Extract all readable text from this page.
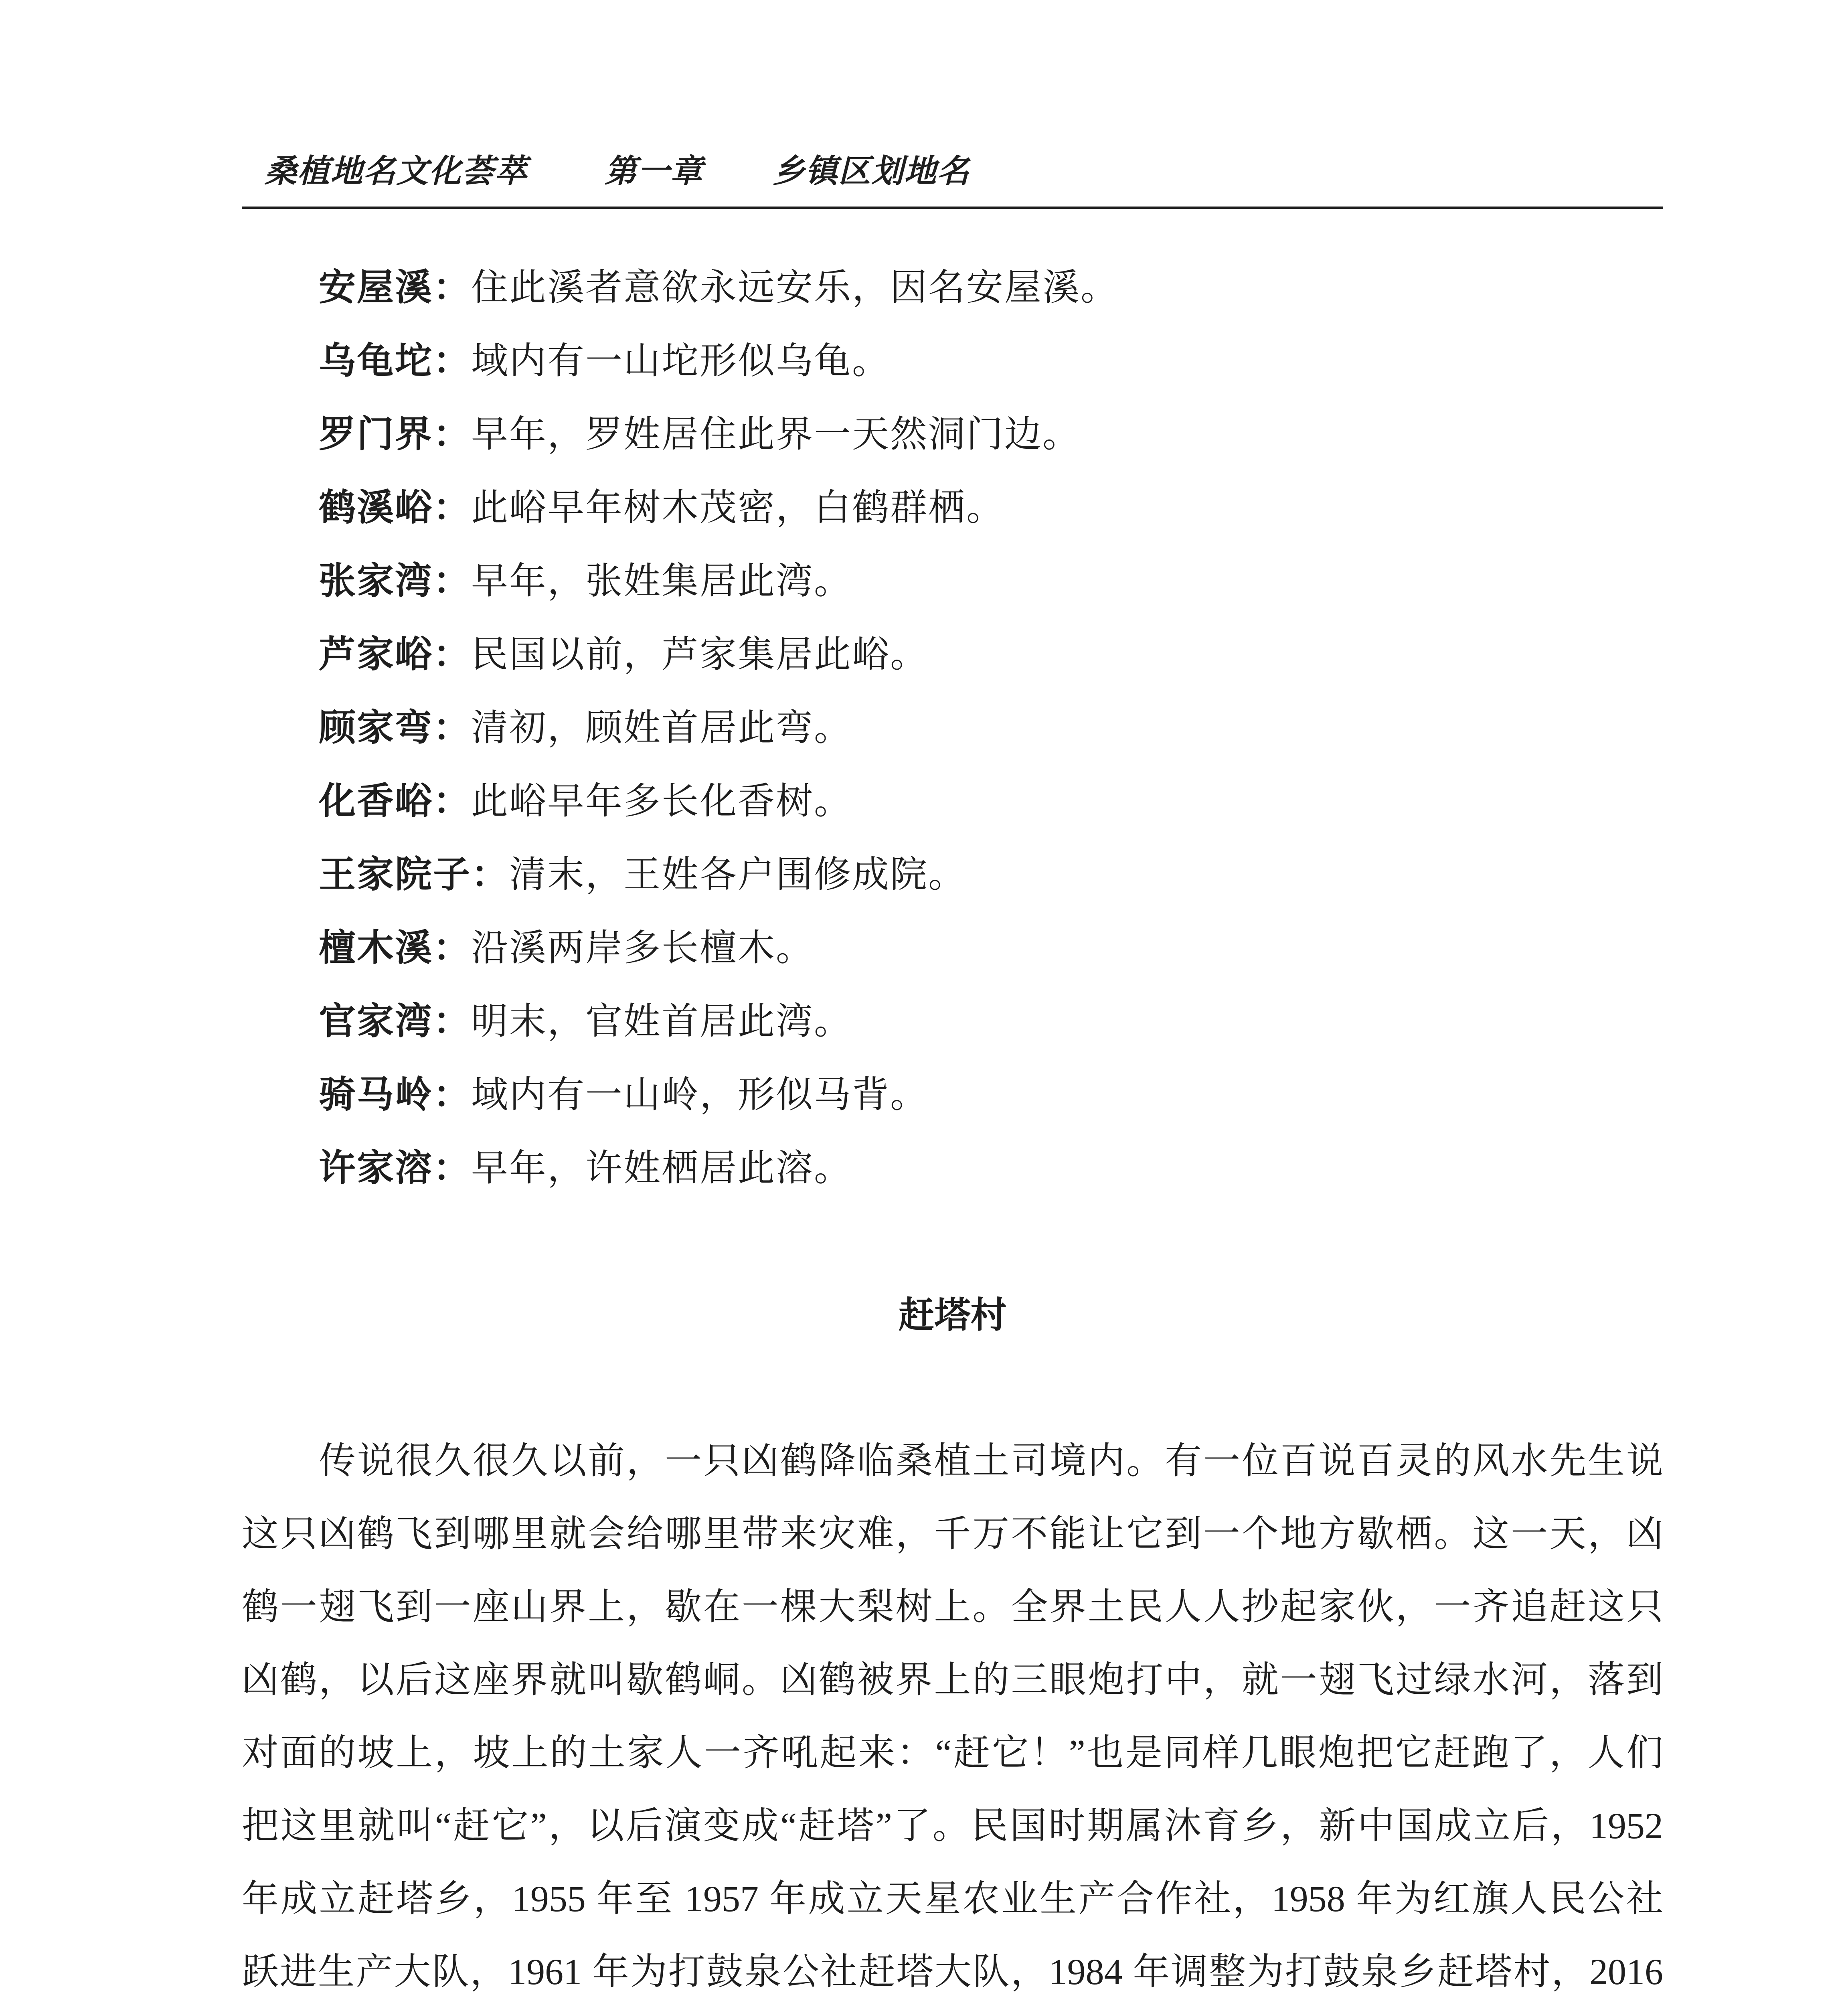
桑植地名文化荟萃 第一章 乡镇区划地名
安屋溪：住此溪者意欲永远安乐，因名安屋溪。
乌龟坨：域内有一山坨形似乌龟。
罗门界：早年，罗姓居住此界一天然洞门边。
鹤溪峪：此峪早年树木茂密，白鹤群栖。
张家湾：早年，张姓集居此湾。
芦家峪：民国以前，芦家集居此峪。
顾家弯：清初，顾姓首居此弯。
化香峪：此峪早年多长化香树。
王家院子：清末，王姓各户围修成院。
檀木溪：沿溪两岸多长檀木。
官家湾：明末，官姓首居此湾。
骑马岭：域内有一山岭，形似马背。
许家溶：早年，许姓栖居此溶。
赶塔村
传说很久很久以前，一只凶鹤降临桑植土司境内。有一位百说百灵的风水先生说
这只凶鹤飞到哪里就会给哪里带来灾难，千万不能让它到一个地方歇栖。这一天，凶
鹤一翅飞到一座山界上，歇在一棵大梨树上。全界土民人人抄起家伙，一齐追赶这只
凶鹤，以后这座界就叫歇鹤峒。凶鹤被界上的三眼炮打中，就一翅飞过绿水河，落到
对面的坡上，坡上的土家人一齐吼起来：“赶它！”也是同样几眼炮把它赶跑了，人们
把这里就叫“赶它”，以后演变成“赶塔”了。民国时期属沐育乡，新中国成立后，1952
年成立赶塔乡，1955 年至 1957 年成立天星农业生产合作社，1958 年为红旗人民公社
跃进生产大队，1961 年为打鼓泉公社赶塔大队，1984 年调整为打鼓泉乡赶塔村，2016
